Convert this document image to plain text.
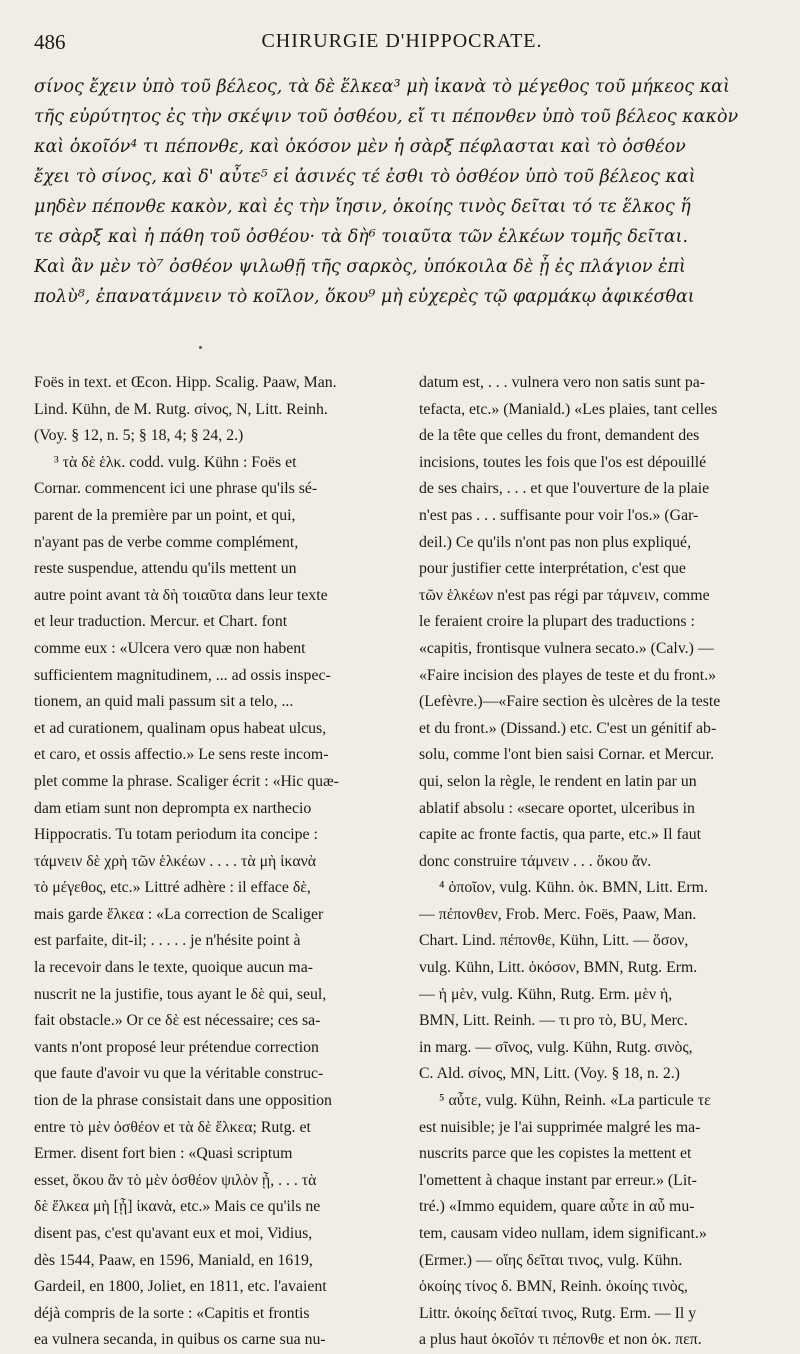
486	CHIRURGIE D'HIPPOCRATE.
σίνος ἔχειν ὑπὸ τοῦ βέλεος, τὰ δὲ ἕλκεα³ μὴ ἱκανὰ τὸ μέγεθος τοῦ μήκεος καὶ
τῆς εὐρύτητος ἐς τὴν σκέψιν τοῦ ὀσθέου, εἴ τι πέπονθεν ὑπὸ τοῦ βέλεος κακὸν
καὶ ὁκοῖόν⁴ τι πέπονθε, καὶ ὁκόσον μὲν ἡ σὰρξ πέφλασται καὶ τὸ ὀσθέον
ἔχει τὸ σίνος, καὶ δ' αὖτε⁵ εἰ ἀσινές τέ ἐσθι τὸ ὀσθέον ὑπὸ τοῦ βέλεος καὶ
μηδὲν πέπονθε κακὸν, καὶ ἐς τὴν ἴησιν, ὁκοίης τινὸς δεῖται τό τε ἕλκος ἥ
τε σὰρξ καὶ ἡ πάθη τοῦ ὀσθέου· τὰ δὴ⁶ τοιαῦτα τῶν ἑλκέων τομῆς δεῖται.
Καὶ ἂν μὲν τὸ⁷ ὀσθέον ψιλωθῇ τῆς σαρκὸς, ὑπόκοιλα δὲ ᾖ ἐς πλάγιον ἐπὶ
πολὺ⁸, ἐπανατάμνειν τὸ κοῖλον, ὅκου⁹ μὴ εὐχερὲς τῷ φαρμάκῳ ἀφικέσθαι
Foës in text. et Œcon. Hipp. Scalig. Paaw, Man.
Lind. Kühn, de M. Rutg. σίνος, N, Litt. Reinh.
(Voy. § 12, n. 5; § 18, 4; § 24, 2.)
³ τὰ δὲ ἑλκ. codd. vulg. Kühn : Foës et
Cornar. commencent ici une phrase qu'ils sé-
parent de la première par un point, et qui,
n'ayant pas de verbe comme complément,
reste suspendue, attendu qu'ils mettent un
autre point avant τὰ δὴ τοιαῦτα dans leur texte
et leur traduction. Mercur. et Chart. font
comme eux : «Ulcera vero quæ non habent
sufficientem magnitudinem, ... ad ossis inspec-
tionem, an quid mali passum sit a telo, ...
et ad curationem, qualinam opus habeat ulcus,
et caro, et ossis affectio.» Le sens reste incom-
plet comme la phrase. Scaliger écrit : «Hic quæ-
dam etiam sunt non deprompta ex narthecio
Hippocratis. Tu totam periodum ita concipe :
τάμνειν δὲ χρὴ τῶν ἑλκέων . . . . τὰ μὴ ἱκανὰ
τὸ μέγεθος, etc.» Littré adhère : il efface δὲ,
mais garde ἕλκεα : «La correction de Scaliger
est parfaite, dit-il; . . . . . je n'hésite point à
la recevoir dans le texte, quoique aucun ma-
nuscrit ne la justifie, tous ayant le δὲ qui, seul,
fait obstacle.» Or ce δὲ est nécessaire; ces sa-
vants n'ont proposé leur prétendue correction
que faute d'avoir vu que la véritable construc-
tion de la phrase consistait dans une opposition
entre τὸ μὲν ὀσθέον et τὰ δὲ ἕλκεα; Rutg. et
Ermer. disent fort bien : «Quasi scriptum
esset, ὅκου ἂν τὸ μὲν ὀσθέον ψιλὸν ᾖ, . . . τὰ
δὲ ἕλκεα μὴ [ᾖ] ἱκανὰ, etc.» Mais ce qu'ils ne
disent pas, c'est qu'avant eux et moi, Vidius,
dès 1544, Paaw, en 1596, Maniald, en 1619,
Gardeil, en 1800, Joliet, en 1811, etc. l'avaient
déjà compris de la sorte : «Capitis et frontis
ea vulnera secanda, in quibus os carne sua nu-
datum est, . . . vulnera vero non satis sunt pa-
tefacta, etc.» (Maniald.) «Les plaies, tant celles
de la tête que celles du front, demandent des
incisions, toutes les fois que l'os est dépouillé
de ses chairs, . . . et que l'ouverture de la plaie
n'est pas . . . suffisante pour voir l'os.» (Gar-
deil.) Ce qu'ils n'ont pas non plus expliqué,
pour justifier cette interprétation, c'est que
τῶν ἑλκέων n'est pas régi par τάμνειν, comme
le feraient croire la plupart des traductions :
«capitis, frontisque vulnera secato.» (Calv.) —
«Faire incision des playes de teste et du front.»
(Lefèvre.)—«Faire section ès ulcères de la teste
et du front.» (Dissand.) etc. C'est un génitif ab-
solu, comme l'ont bien saisi Cornar. et Mercur.
qui, selon la règle, le rendent en latin par un
ablatif absolu : «secare oportet, ulceribus in
capite ac fronte factis, qua parte, etc.» Il faut
donc construire τάμνειν . . . ὅκου ἄν.
⁴ ὁποῖον, vulg. Kühn. ὁκ. BMN, Litt. Erm.
— πέπονθεν, Frob. Merc. Foës, Paaw, Man.
Chart. Lind. πέπονθε, Kühn, Litt. — ὅσον,
vulg. Kühn, Litt. ὁκόσον, BMN, Rutg. Erm.
— ἡ μὲν, vulg. Kühn, Rutg. Erm. μὲν ἡ,
BMN, Litt. Reinh. — τι pro τὸ, BU, Merc.
in marg. — σῖνος, vulg. Kühn, Rutg. σινὸς,
C. Ald. σίνος, MN, Litt. (Voy. § 18, n. 2.)
⁵ αὖτε, vulg. Kühn, Reinh. «La particule τε
est nuisible; je l'ai supprimée malgré les ma-
nuscrits parce que les copistes la mettent et
l'omettent à chaque instant par erreur.» (Lit-
tré.) «Immo equidem, quare αὖτε in αὖ mu-
tem, causam video nullam, idem significant.»
(Ermer.) — οἵης δεῖται τινος, vulg. Kühn.
ὁκοίης τίνος δ. BMN, Reinh. ὁκοίης τινὸς,
Littr. ὁκοίης δεῖταί τινος, Rutg. Erm. — Il y
a plus haut ὁκοῖόν τι πέπονθε et non ὁκ. πεπ.
